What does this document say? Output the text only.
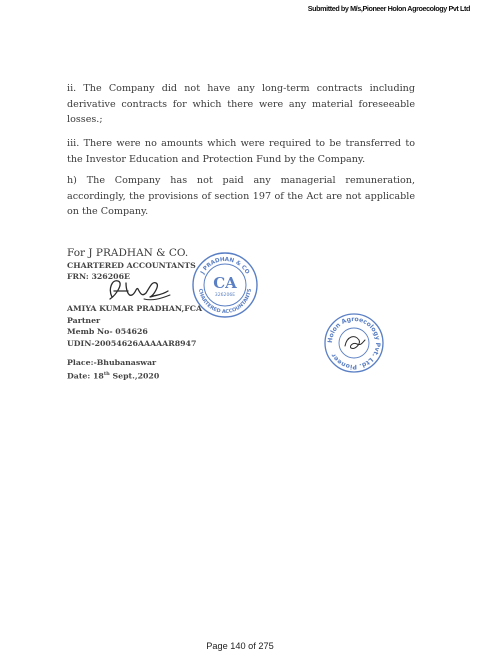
Submitted by M/s,Pioneer Holon Agroecology Pvt Ltd

ii. The Company did not have any long-term contracts including derivative contracts for which there were any material foreseeable losses.;

iii. There were no amounts which were required to be transferred to the Investor Education and Protection Fund by the Company.

h) The Company has not paid any managerial remuneration, accordingly, the provisions of section 197 of the Act are not applicable on the Company.

For J PRADHAN & CO.
CHARTERED ACCOUNTANTS
FRN: 326206E	J PRADHAN & CO
CHARTERED ACCOUNTANTS
CA
326206E
AMIYA KUMAR PRADHAN,FCA
Partner
Memb No- 054626
UDIN-20054626AAAAAR8947
Place:-Bhubanaswar
Date: 18th Sept.,2020
Holon Agroecology Pvt. Ltd. Pioneer
Page 140 of 275
